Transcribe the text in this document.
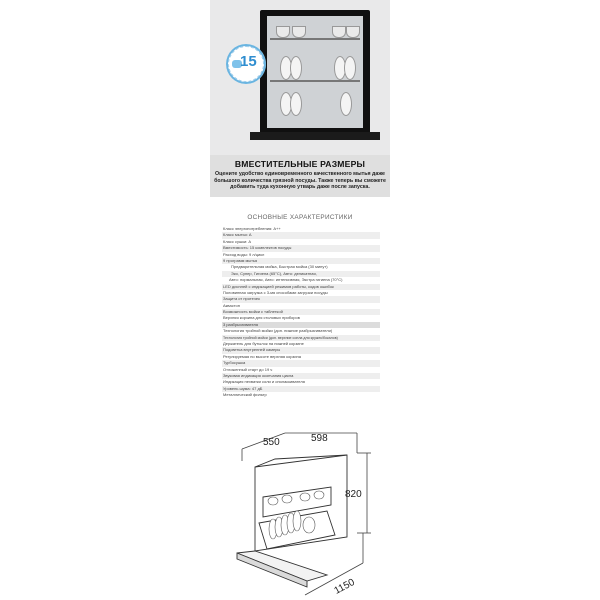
15
ВМЕСТИТЕЛЬНЫЕ РАЗМЕРЫ

Оцените удобство единовременного качественного мытья даже большого количества грязной посуды. Также теперь вы сможете добавить туда кухонную утварь даже после запуска.

ОСНОВНЫЕ ХАРАКТЕРИСТИКИ
Класс энергопотребления: A++
Класс мытья: A
Класс сушки: A
Вместимость: 15 комплектов посуды
Расход воды: 9 л/цикл
9 программ мытья
Предварительная мойка, Быстрая мойка (30 минут)
Эко, Супер, Гигиена (65°C), Авто: деликатная,
Авто: нормальная, Авто: интенсивная, Экстра гигиена (70°C)
LED дисплей с индикацией режимов работы, кодов ошибок
Половинная загрузка с 3-мя способами загрузки посуды
Защита от протечек
Аквастоп
Возможность мойки с таблеткой
Верхняя корзина для столовых приборов
3 разбрызгивателя
Технология тройной мойки (доп. нижние разбрызгиватели)
Технология тройной мойки (доп. верхние сопла для кружек/бокалов)
Держатель для бутылок на нижней корзине
Подсветка внутренней камеры
Регулируемая по высоте верхняя корзина
Турбосушка
Отложенный старт до 19 ч
Звуковая индикация окончания цикла
Индикация нехватки соли и ополаскивателя
Уровень шума: 47 дБ
Металлический фильтр
550	598
820
1150
